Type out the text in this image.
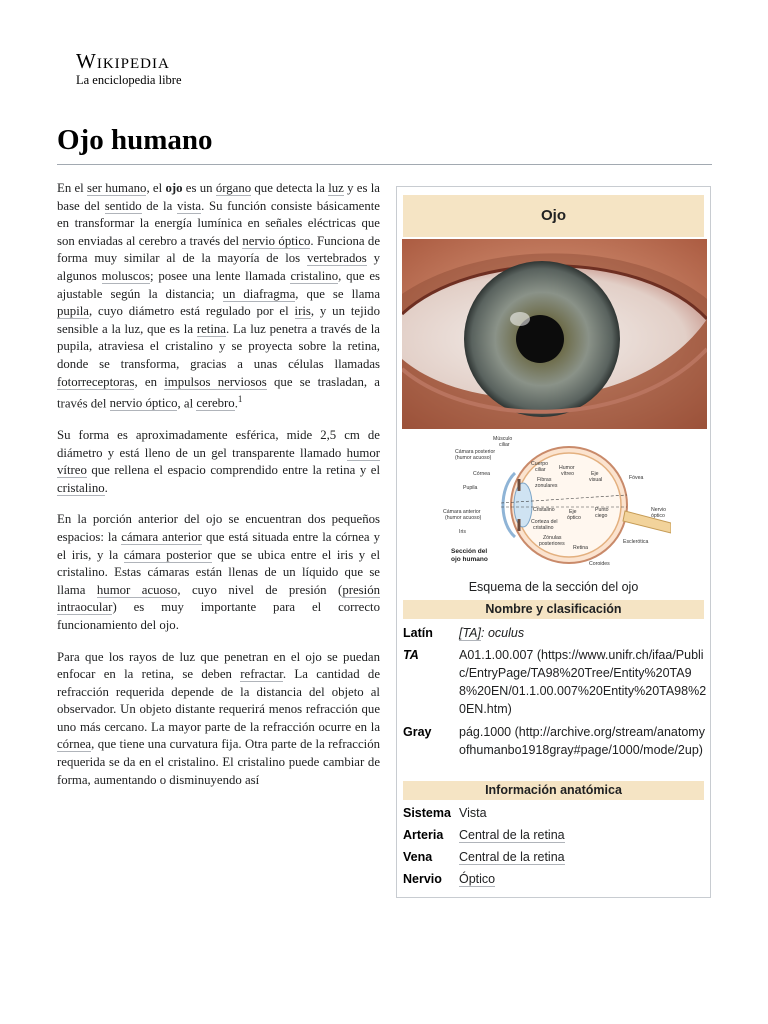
Wikipedia
La enciclopedia libre
Ojo humano

En el ser humano, el ojo es un órgano que detecta la luz y es la base del sentido de la vista. Su función consiste básicamente en transformar la energía lumínica en señales eléctricas que son enviadas al cerebro a través del nervio óptico. Funciona de forma muy similar al de la mayoría de los vertebrados y algunos moluscos; posee una lente llamada cristalino, que es ajustable según la distancia; un diafragma, que se llama pupila, cuyo diámetro está regulado por el iris, y un tejido sensible a la luz, que es la retina. La luz penetra a través de la pupila, atraviesa el cristalino y se proyecta sobre la retina, donde se transforma, gracias a unas células llamadas fotorreceptoras, en impulsos nerviosos que se trasladan, a través del nervio óptico, al cerebro.$^1$

Su forma es aproximadamente esférica, mide 2,5 cm de diámetro y está lleno de un gel transparente llamado humor vítreo que rellena el espacio comprendido entre la retina y el cristalino.

En la porción anterior del ojo se encuentran dos pequeños espacios: la cámara anterior que está situada entre la córnea y el iris, y la cámara posterior que se ubica entre el iris y el cristalino. Estas cámaras están llenas de un líquido que se llama humor acuoso, cuyo nivel de presión (presión intraocular) es muy importante para el correcto funcionamiento del ojo.

Para que los rayos de luz que penetran en el ojo se puedan enfocar en la retina, se deben refractar. La cantidad de refracción requerida depende de la distancia del objeto al observador. Un objeto distante requerirá menos refracción que uno más cercano. La mayor parte de la refracción ocurre en la córnea, que tiene una curvatura fija. Otra parte de la refracción requerida se da en el cristalino. El cristalino puede cambiar de forma, aumentando o disminuyendo así

Ojo
Músculo
ciliar
Cámara posterior
(humor acuoso)
Córnea
Pupila
Cuerpo
ciliar	Humor
vítreo
Fibras
zonulares
Eje
visual	Fóvea
Cámara anterior
(humor acuoso)
Cristalino	Eje
óptico
Punto
ciego
Nervio
óptico
Iris
Corteza del
cristalino
Zónulas
posteriores
Retina
Coroides
Esclerótica
Sección del
ojo humano
Esquema de la sección del ojo
Nombre y clasificación
Latín [TA]: oculus
TA	A01.1.00.007 (https://www.unifr.ch/ifaa/Public/EntryPage/TA98%20Tree/Entity%20TA98%20EN/01.1.00.007%20Entity%20TA98%20EN.htm)
Gray pág.1000 (http://archive.org/stream/anatomyofhumanbo1918gray#page/1000/mode/2up)
Información anatómica
Sistema Vista
Arteria Central de la retina
Vena Central de la retina
Nervio Óptico
